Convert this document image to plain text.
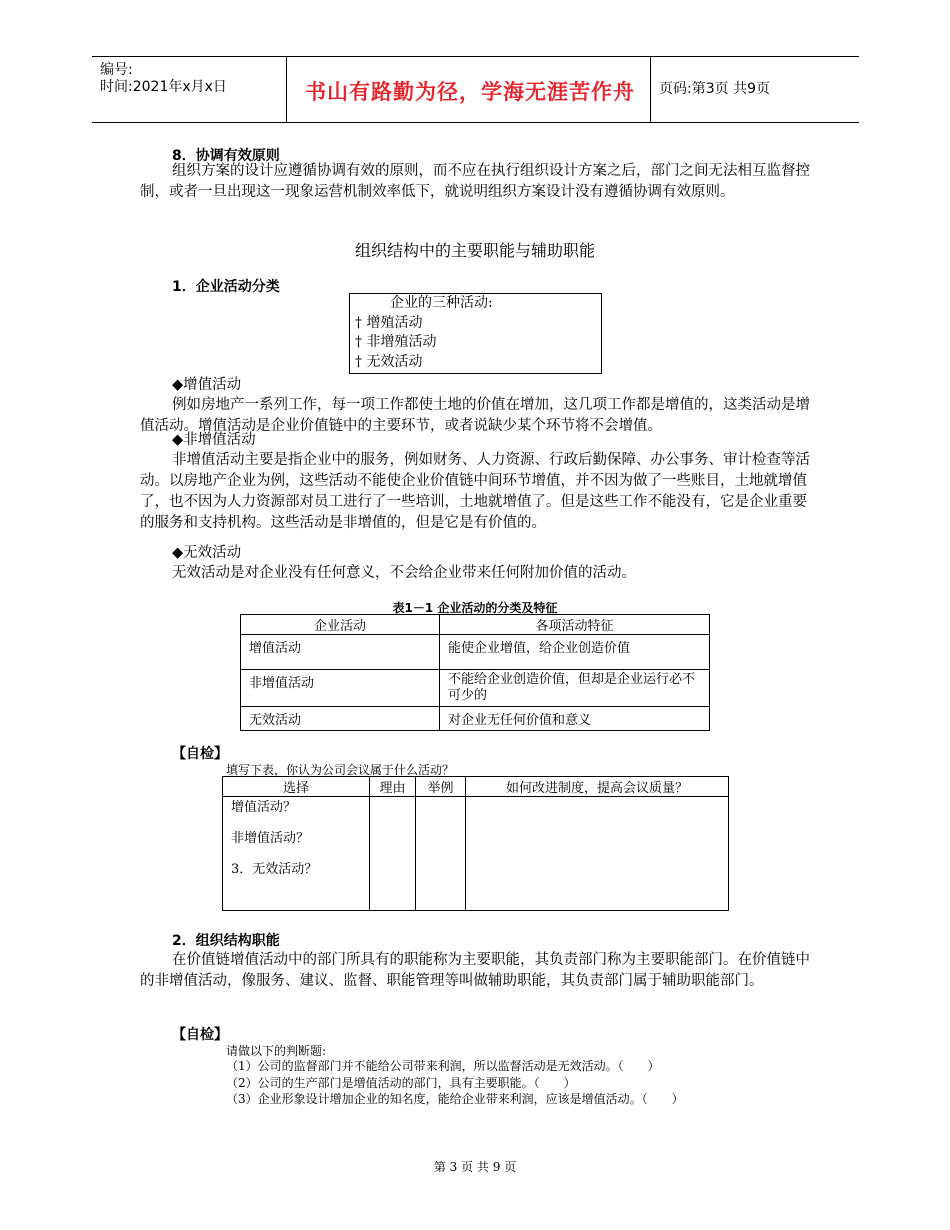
编号:
时间:2021年x月x日	书山有路勤为径，学海无涯苦作舟 页码:第3页 共9页
8．协调有效原则
组织方案的设计应遵循协调有效的原则，而不应在执行组织设计方案之后，部门之间无法相互监督控制，或者一旦出现这一现象运营机制效率低下，就说明组织方案设计没有遵循协调有效原则。
组织结构中的主要职能与辅助职能
1．企业活动分类
企业的三种活动:
† 增殖活动
† 非增殖活动
† 无效活动
◆增值活动
例如房地产一系列工作，每一项工作都使土地的价值在增加，这几项工作都是增值的，这类活动是增值活动。增值活动是企业价值链中的主要环节，或者说缺少某个环节将不会增值。
◆非增值活动
非增值活动主要是指企业中的服务，例如财务、人力资源、行政后勤保障、办公事务、审计检查等活动。以房地产企业为例，这些活动不能使企业价值链中间环节增值，并不因为做了一些账目，土地就增值了，也不因为人力资源部对员工进行了一些培训，土地就增值了。但是这些工作不能没有，它是企业重要的服务和支持机构。这些活动是非增值的，但是它是有价值的。
◆无效活动
无效活动是对企业没有任何意义，不会给企业带来任何附加价值的活动。
表1－1 企业活动的分类及特征
企业活动	各项活动特征
增值活动	能使企业增值，给企业创造价值
非增值活动	不能给企业创造价值，但却是企业运行必不可少的
无效活动	对企业无任何价值和意义
【自检】
填写下表，你认为公司会议属于什么活动？
选择	理由	举例	如何改进制度，提高会议质量？

增值活动？
非增值活动？
3．无效活动？			

2．组织结构职能
在价值链增值活动中的部门所具有的职能称为主要职能，其负责部门称为主要职能部门。在价值链中的非增值活动，像服务、建议、监督、职能管理等叫做辅助职能，其负责部门属于辅助职能部门。
【自检】
请做以下的判断题:
（1）公司的监督部门并不能给公司带来利润，所以监督活动是无效活动。（　　）
（2）公司的生产部门是增值活动的部门，具有主要职能。（　　）
（3）企业形象设计增加企业的知名度，能给企业带来利润，应该是增值活动。（　　）
第 3 页 共 9 页
